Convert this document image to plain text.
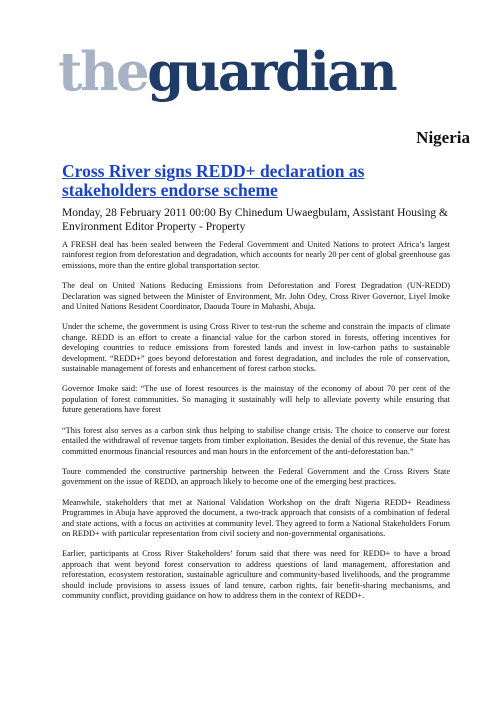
theguardian
Nigeria
Cross River signs REDD+ declaration as stakeholders endorse scheme
Monday, 28 February 2011 00:00 By Chinedum Uwaegbulam, Assistant Housing & Environment Editor Property - Property

A FRESH deal has been sealed between the Federal Government and United Nations to protect Africa’s largest rainforest region from deforestation and degradation, which accounts for nearly 20 per cent of global greenhouse gas emissions, more than the entire global transportation sector.

The deal on United Nations Reducing Emissions from Deforestation and Forest Degradation (UN-REDD) Declaration was signed between the Minister of Environment, Mr. John Odey, Cross River Governor, Liyel Imoke and United Nations Resident Coordinator, Daouda Toure in Mabashi, Abuja.

Under the scheme, the government is using Cross River to test-run the scheme and constrain the impacts of climate change. REDD is an effort to create a financial value for the carbon stored in forests, offering incentives for developing countries to reduce emissions from forested lands and invest in low-carbon paths to sustainable development. “REDD+” goes beyond deforestation and forest degradation, and includes the role of conservation, sustainable management of forests and enhancement of forest carbon stocks.

Governor Imoke said: “The use of forest resources is the mainstay of the economy of about 70 per cent of the population of forest communities. So managing it sustainably will help to alleviate poverty while ensuring that future generations have forest

“This forest also serves as a carbon sink thus helping to stabilise change crisis. The choice to conserve our forest entailed the withdrawal of revenue targets from timber exploitation. Besides the denial of this revenue, the State has committed enormous financial resources and man hours in the enforcement of the anti-deforestation ban.”

Toure commended the constructive partnership between the Federal Government and the Cross Rivers State government on the issue of REDD, an approach likely to become one of the emerging best practices.

Meanwhile, stakeholders that met at National Validation Workshop on the draft Nigeria REDD+ Readiness Programmes in Abuja have approved the document, a two-track approach that consists of a combination of federal and state actions, with a focus on activities at community level. They agreed to form a National Stakeholders Forum on REDD+ with particular representation from civil society and non-governmental organisations.

Earlier, participants at Cross River Stakeholders’ forum said that there was need for REDD+ to have a broad approach that went beyond forest conservation to address questions of land management, afforestation and reforestation, ecosystem restoration, sustainable agriculture and community-based livelihoods, and the programme should include provisions to assess issues of land tenure, carbon rights, fair benefit-sharing mechanisms, and community conflict, providing guidance on how to address them in the context of REDD+.
